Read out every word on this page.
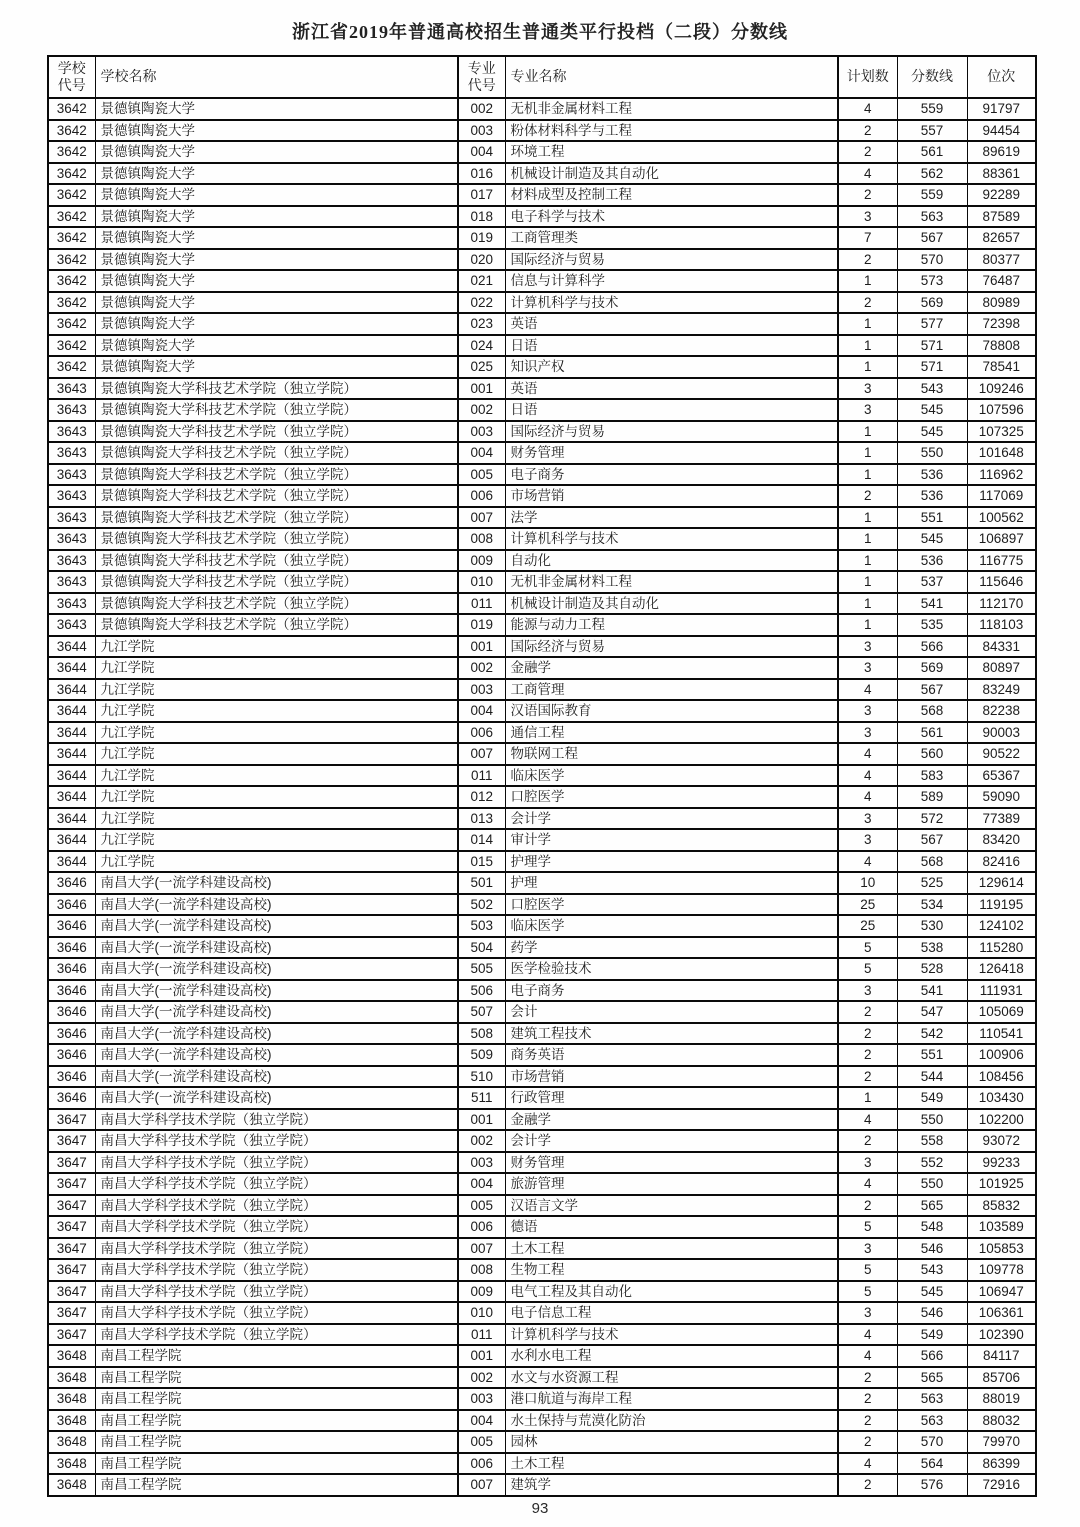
浙江省2019年普通高校招生普通类平行投档（二段）分数线
学校代号	学校名称	专业代号	专业名称	计划数	分数线	位次
3642	景德镇陶瓷大学	002	无机非金属材料工程	4	559	91797
3642	景德镇陶瓷大学	003	粉体材料科学与工程	2	557	94454
3642	景德镇陶瓷大学	004	环境工程	2	561	89619
3642	景德镇陶瓷大学	016	机械设计制造及其自动化	4	562	88361
3642	景德镇陶瓷大学	017	材料成型及控制工程	2	559	92289
3642	景德镇陶瓷大学	018	电子科学与技术	3	563	87589
3642	景德镇陶瓷大学	019	工商管理类	7	567	82657
3642	景德镇陶瓷大学	020	国际经济与贸易	2	570	80377
3642	景德镇陶瓷大学	021	信息与计算科学	1	573	76487
3642	景德镇陶瓷大学	022	计算机科学与技术	2	569	80989
3642	景德镇陶瓷大学	023	英语	1	577	72398
3642	景德镇陶瓷大学	024	日语	1	571	78808
3642	景德镇陶瓷大学	025	知识产权	1	571	78541
3643	景德镇陶瓷大学科技艺术学院（独立学院）	001	英语	3	543	109246
3643	景德镇陶瓷大学科技艺术学院（独立学院）	002	日语	3	545	107596
3643	景德镇陶瓷大学科技艺术学院（独立学院）	003	国际经济与贸易	1	545	107325
3643	景德镇陶瓷大学科技艺术学院（独立学院）	004	财务管理	1	550	101648
3643	景德镇陶瓷大学科技艺术学院（独立学院）	005	电子商务	1	536	116962
3643	景德镇陶瓷大学科技艺术学院（独立学院）	006	市场营销	2	536	117069
3643	景德镇陶瓷大学科技艺术学院（独立学院）	007	法学	1	551	100562
3643	景德镇陶瓷大学科技艺术学院（独立学院）	008	计算机科学与技术	1	545	106897
3643	景德镇陶瓷大学科技艺术学院（独立学院）	009	自动化	1	536	116775
3643	景德镇陶瓷大学科技艺术学院（独立学院）	010	无机非金属材料工程	1	537	115646
3643	景德镇陶瓷大学科技艺术学院（独立学院）	011	机械设计制造及其自动化	1	541	112170
3643	景德镇陶瓷大学科技艺术学院（独立学院）	019	能源与动力工程	1	535	118103
3644	九江学院	001	国际经济与贸易	3	566	84331
3644	九江学院	002	金融学	3	569	80897
3644	九江学院	003	工商管理	4	567	83249
3644	九江学院	004	汉语国际教育	3	568	82238
3644	九江学院	006	通信工程	3	561	90003
3644	九江学院	007	物联网工程	4	560	90522
3644	九江学院	011	临床医学	4	583	65367
3644	九江学院	012	口腔医学	4	589	59090
3644	九江学院	013	会计学	3	572	77389
3644	九江学院	014	审计学	3	567	83420
3644	九江学院	015	护理学	4	568	82416
3646	南昌大学(一流学科建设高校)	501	护理	10	525	129614
3646	南昌大学(一流学科建设高校)	502	口腔医学	25	534	119195
3646	南昌大学(一流学科建设高校)	503	临床医学	25	530	124102
3646	南昌大学(一流学科建设高校)	504	药学	5	538	115280
3646	南昌大学(一流学科建设高校)	505	医学检验技术	5	528	126418
3646	南昌大学(一流学科建设高校)	506	电子商务	3	541	111931
3646	南昌大学(一流学科建设高校)	507	会计	2	547	105069
3646	南昌大学(一流学科建设高校)	508	建筑工程技术	2	542	110541
3646	南昌大学(一流学科建设高校)	509	商务英语	2	551	100906
3646	南昌大学(一流学科建设高校)	510	市场营销	2	544	108456
3646	南昌大学(一流学科建设高校)	511	行政管理	1	549	103430
3647	南昌大学科学技术学院（独立学院）	001	金融学	4	550	102200
3647	南昌大学科学技术学院（独立学院）	002	会计学	2	558	93072
3647	南昌大学科学技术学院（独立学院）	003	财务管理	3	552	99233
3647	南昌大学科学技术学院（独立学院）	004	旅游管理	4	550	101925
3647	南昌大学科学技术学院（独立学院）	005	汉语言文学	2	565	85832
3647	南昌大学科学技术学院（独立学院）	006	德语	5	548	103589
3647	南昌大学科学技术学院（独立学院）	007	土木工程	3	546	105853
3647	南昌大学科学技术学院（独立学院）	008	生物工程	5	543	109778
3647	南昌大学科学技术学院（独立学院）	009	电气工程及其自动化	5	545	106947
3647	南昌大学科学技术学院（独立学院）	010	电子信息工程	3	546	106361
3647	南昌大学科学技术学院（独立学院）	011	计算机科学与技术	4	549	102390
3648	南昌工程学院	001	水利水电工程	4	566	84117
3648	南昌工程学院	002	水文与水资源工程	2	565	85706
3648	南昌工程学院	003	港口航道与海岸工程	2	563	88019
3648	南昌工程学院	004	水土保持与荒漠化防治	2	563	88032
3648	南昌工程学院	005	园林	2	570	79970
3648	南昌工程学院	006	土木工程	4	564	86399
3648	南昌工程学院	007	建筑学	2	576	72916
93
